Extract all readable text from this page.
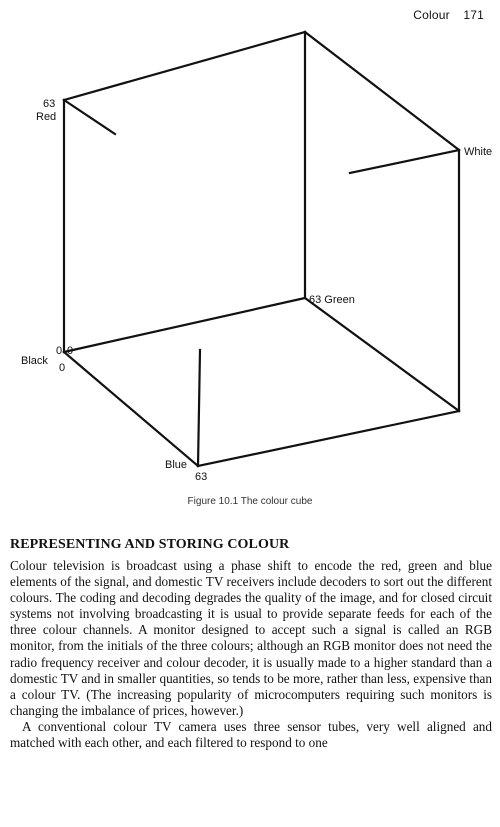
Colour 171
63
Red
White
63 Green
Black
0 0
0
Blue
63
Figure 10.1 The colour cube
REPRESENTING AND STORING COLOUR

Colour television is broadcast using a phase shift to encode the red, green and blue elements of the signal, and domestic TV receivers include decoders to sort out the different colours. The coding and decoding degrades the quality of the image, and for closed circuit systems not involving broadcasting it is usual to provide separate feeds for each of the three colour channels. A monitor designed to accept such a signal is called an RGB monitor, from the initials of the three colours; although an RGB monitor does not need the radio frequency receiver and colour decoder, it is usually made to a higher standard than a domestic TV and in smaller quantities, so tends to be more, rather than less, expensive than a colour TV. (The increasing popularity of microcomputers requiring such monitors is changing the imbalance of prices, however.)

A conventional colour TV camera uses three sensor tubes, very well aligned and matched with each other, and each filtered to respond to one
